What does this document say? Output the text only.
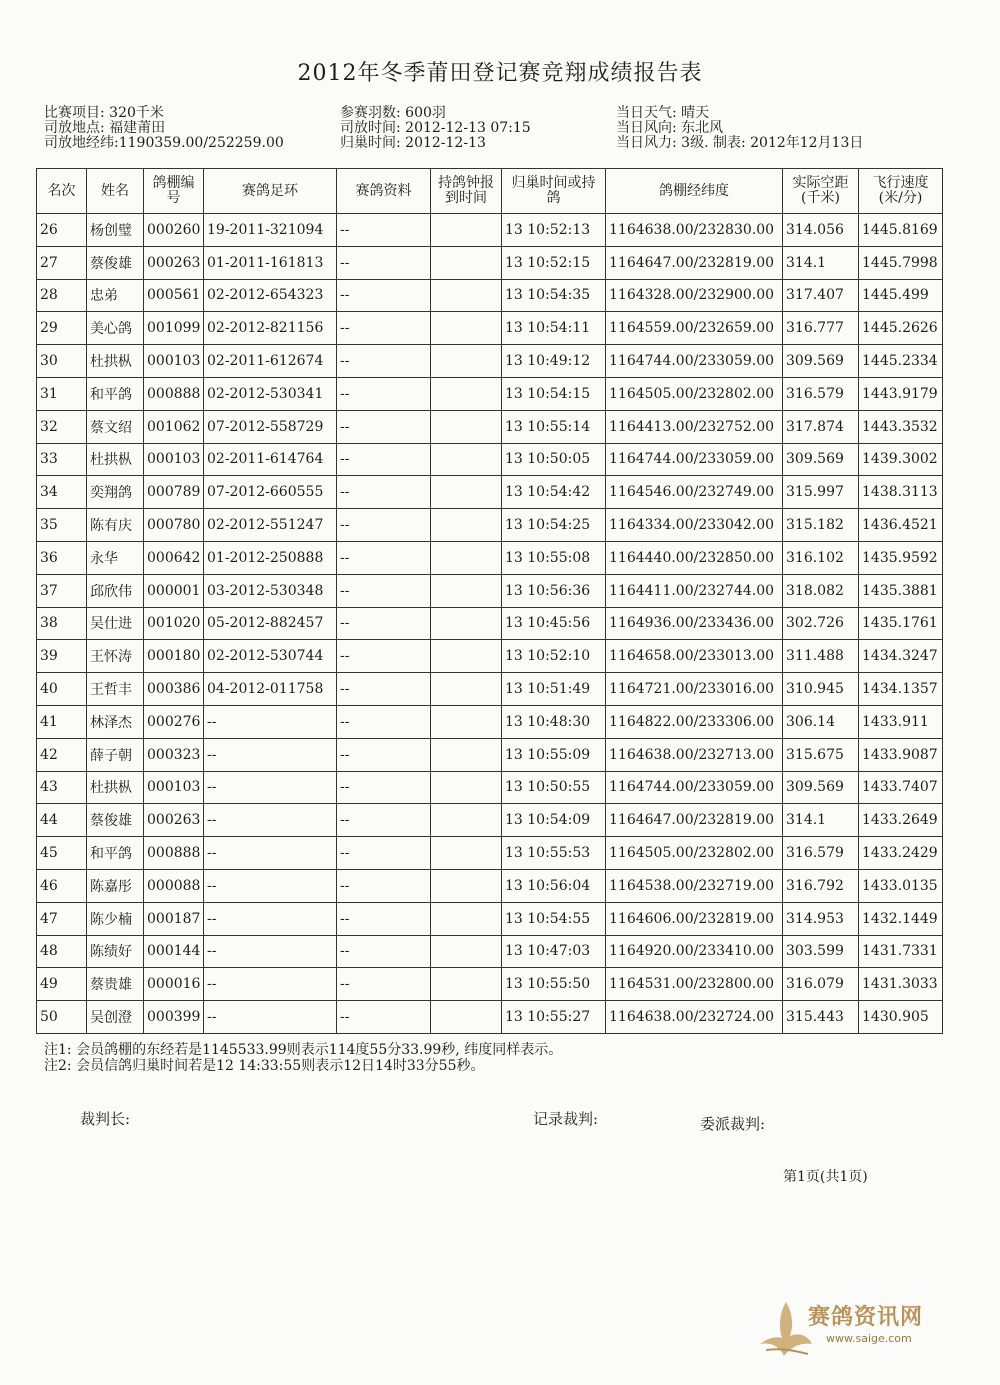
2012年冬季莆田登记赛竞翔成绩报告表
比赛项目: 320千米
司放地点: 福建莆田
司放地经纬:1190359.00/252259.00
参赛羽数: 600羽
司放时间: 2012-12-13 07:15
归巢时间: 2012-12-13
当日天气: 晴天
当日风向: 东北风
当日风力: 3级. 制表: 2012年12月13日
名次	姓名	鸽棚编号	赛鸽足环	赛鸽资料	持鸽钟报到时间	归巢时间或持鸽	鸽棚经纬度	实际空距(千米)	飞行速度(米/分)
26	杨创璧	000260	19-2011-321094	--		13 10:52:13	1164638.00/232830.00	314.056	1445.8169
27	蔡俊雄	000263	01-2011-161813	--		13 10:52:15	1164647.00/232819.00	314.1	1445.7998
28	忠弟	000561	02-2012-654323	--		13 10:54:35	1164328.00/232900.00	317.407	1445.499
29	美心鸽	001099	02-2012-821156	--		13 10:54:11	1164559.00/232659.00	316.777	1445.2626
30	杜拱枞	000103	02-2011-612674	--		13 10:49:12	1164744.00/233059.00	309.569	1445.2334
31	和平鸽	000888	02-2012-530341	--		13 10:54:15	1164505.00/232802.00	316.579	1443.9179
32	蔡文绍	001062	07-2012-558729	--		13 10:55:14	1164413.00/232752.00	317.874	1443.3532
33	杜拱枞	000103	02-2011-614764	--		13 10:50:05	1164744.00/233059.00	309.569	1439.3002
34	奕翔鸽	000789	07-2012-660555	--		13 10:54:42	1164546.00/232749.00	315.997	1438.3113
35	陈有庆	000780	02-2012-551247	--		13 10:54:25	1164334.00/233042.00	315.182	1436.4521
36	永华	000642	01-2012-250888	--		13 10:55:08	1164440.00/232850.00	316.102	1435.9592
37	邱欣伟	000001	03-2012-530348	--		13 10:56:36	1164411.00/232744.00	318.082	1435.3881
38	吴仕进	001020	05-2012-882457	--		13 10:45:56	1164936.00/233436.00	302.726	1435.1761
39	王怀涛	000180	02-2012-530744	--		13 10:52:10	1164658.00/233013.00	311.488	1434.3247
40	王哲丰	000386	04-2012-011758	--		13 10:51:49	1164721.00/233016.00	310.945	1434.1357
41	林泽杰	000276	--	--		13 10:48:30	1164822.00/233306.00	306.14	1433.911
42	薛子朝	000323	--	--		13 10:55:09	1164638.00/232713.00	315.675	1433.9087
43	杜拱枞	000103	--	--		13 10:50:55	1164744.00/233059.00	309.569	1433.7407
44	蔡俊雄	000263	--	--		13 10:54:09	1164647.00/232819.00	314.1	1433.2649
45	和平鸽	000888	--	--		13 10:55:53	1164505.00/232802.00	316.579	1433.2429
46	陈嘉彤	000088	--	--		13 10:56:04	1164538.00/232719.00	316.792	1433.0135
47	陈少楠	000187	--	--		13 10:54:55	1164606.00/232819.00	314.953	1432.1449
48	陈绩好	000144	--	--		13 10:47:03	1164920.00/233410.00	303.599	1431.7331
49	蔡贵雄	000016	--	--		13 10:55:50	1164531.00/232800.00	316.079	1431.3033
50	吴创澄	000399	--	--		13 10:55:27	1164638.00/232724.00	315.443	1430.905
注1: 会员鸽棚的东经若是1145533.99则表示114度55分33.99秒, 纬度同样表示。
注2: 会员信鸽归巢时间若是12 14:33:55则表示12日14时33分55秒。
裁判长:	记录裁判:	委派裁判:
第1页(共1页)
赛鸽资讯网
www.saige.com
